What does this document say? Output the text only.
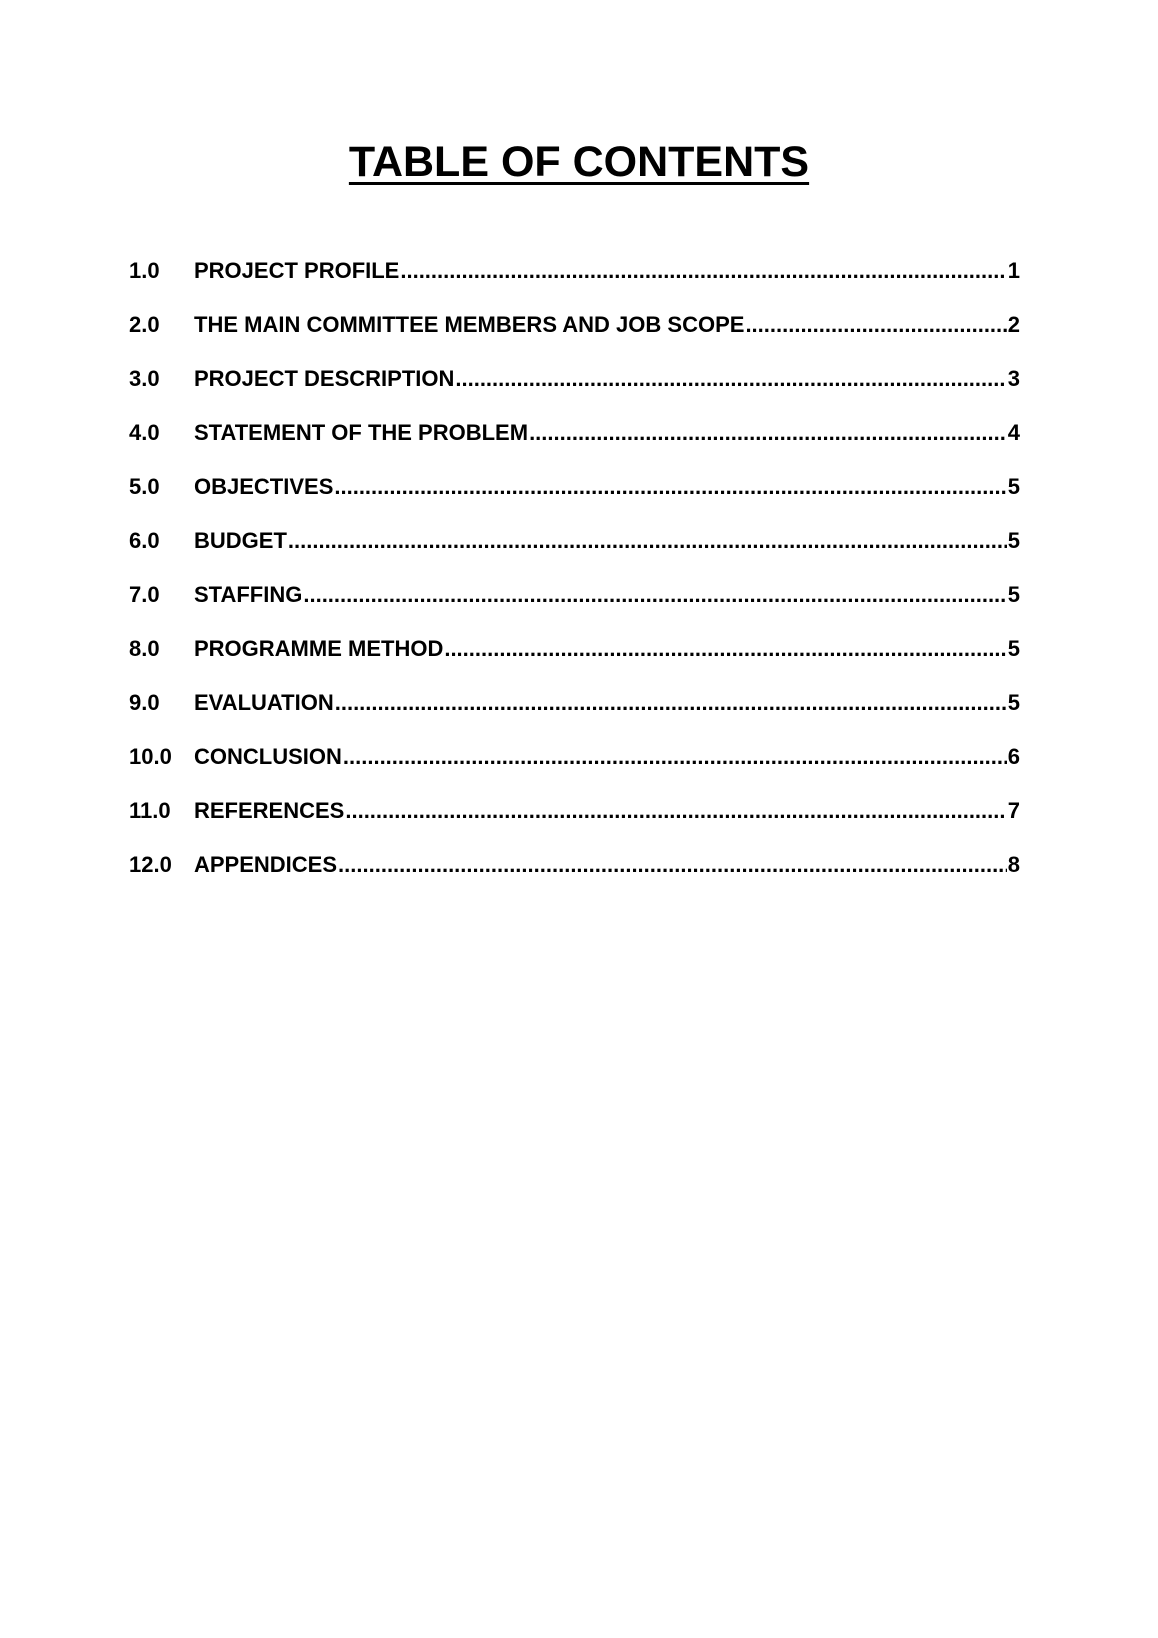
TABLE OF CONTENTS
1.0	PROJECT PROFILE .....	1
2.0	THE MAIN COMMITTEE MEMBERS AND JOB SCOPE .....	2
3.0	PROJECT DESCRIPTION .....	3
4.0	STATEMENT OF THE PROBLEM .....	4
5.0	OBJECTIVES .....	5
6.0	BUDGET .....	5
7.0	STAFFING .....	5
8.0	PROGRAMME METHOD .....	5
9.0	EVALUATION .....	5
10.0	CONCLUSION .....	6
11.0	REFERENCES .....	7
12.0	APPENDICES .....	8
